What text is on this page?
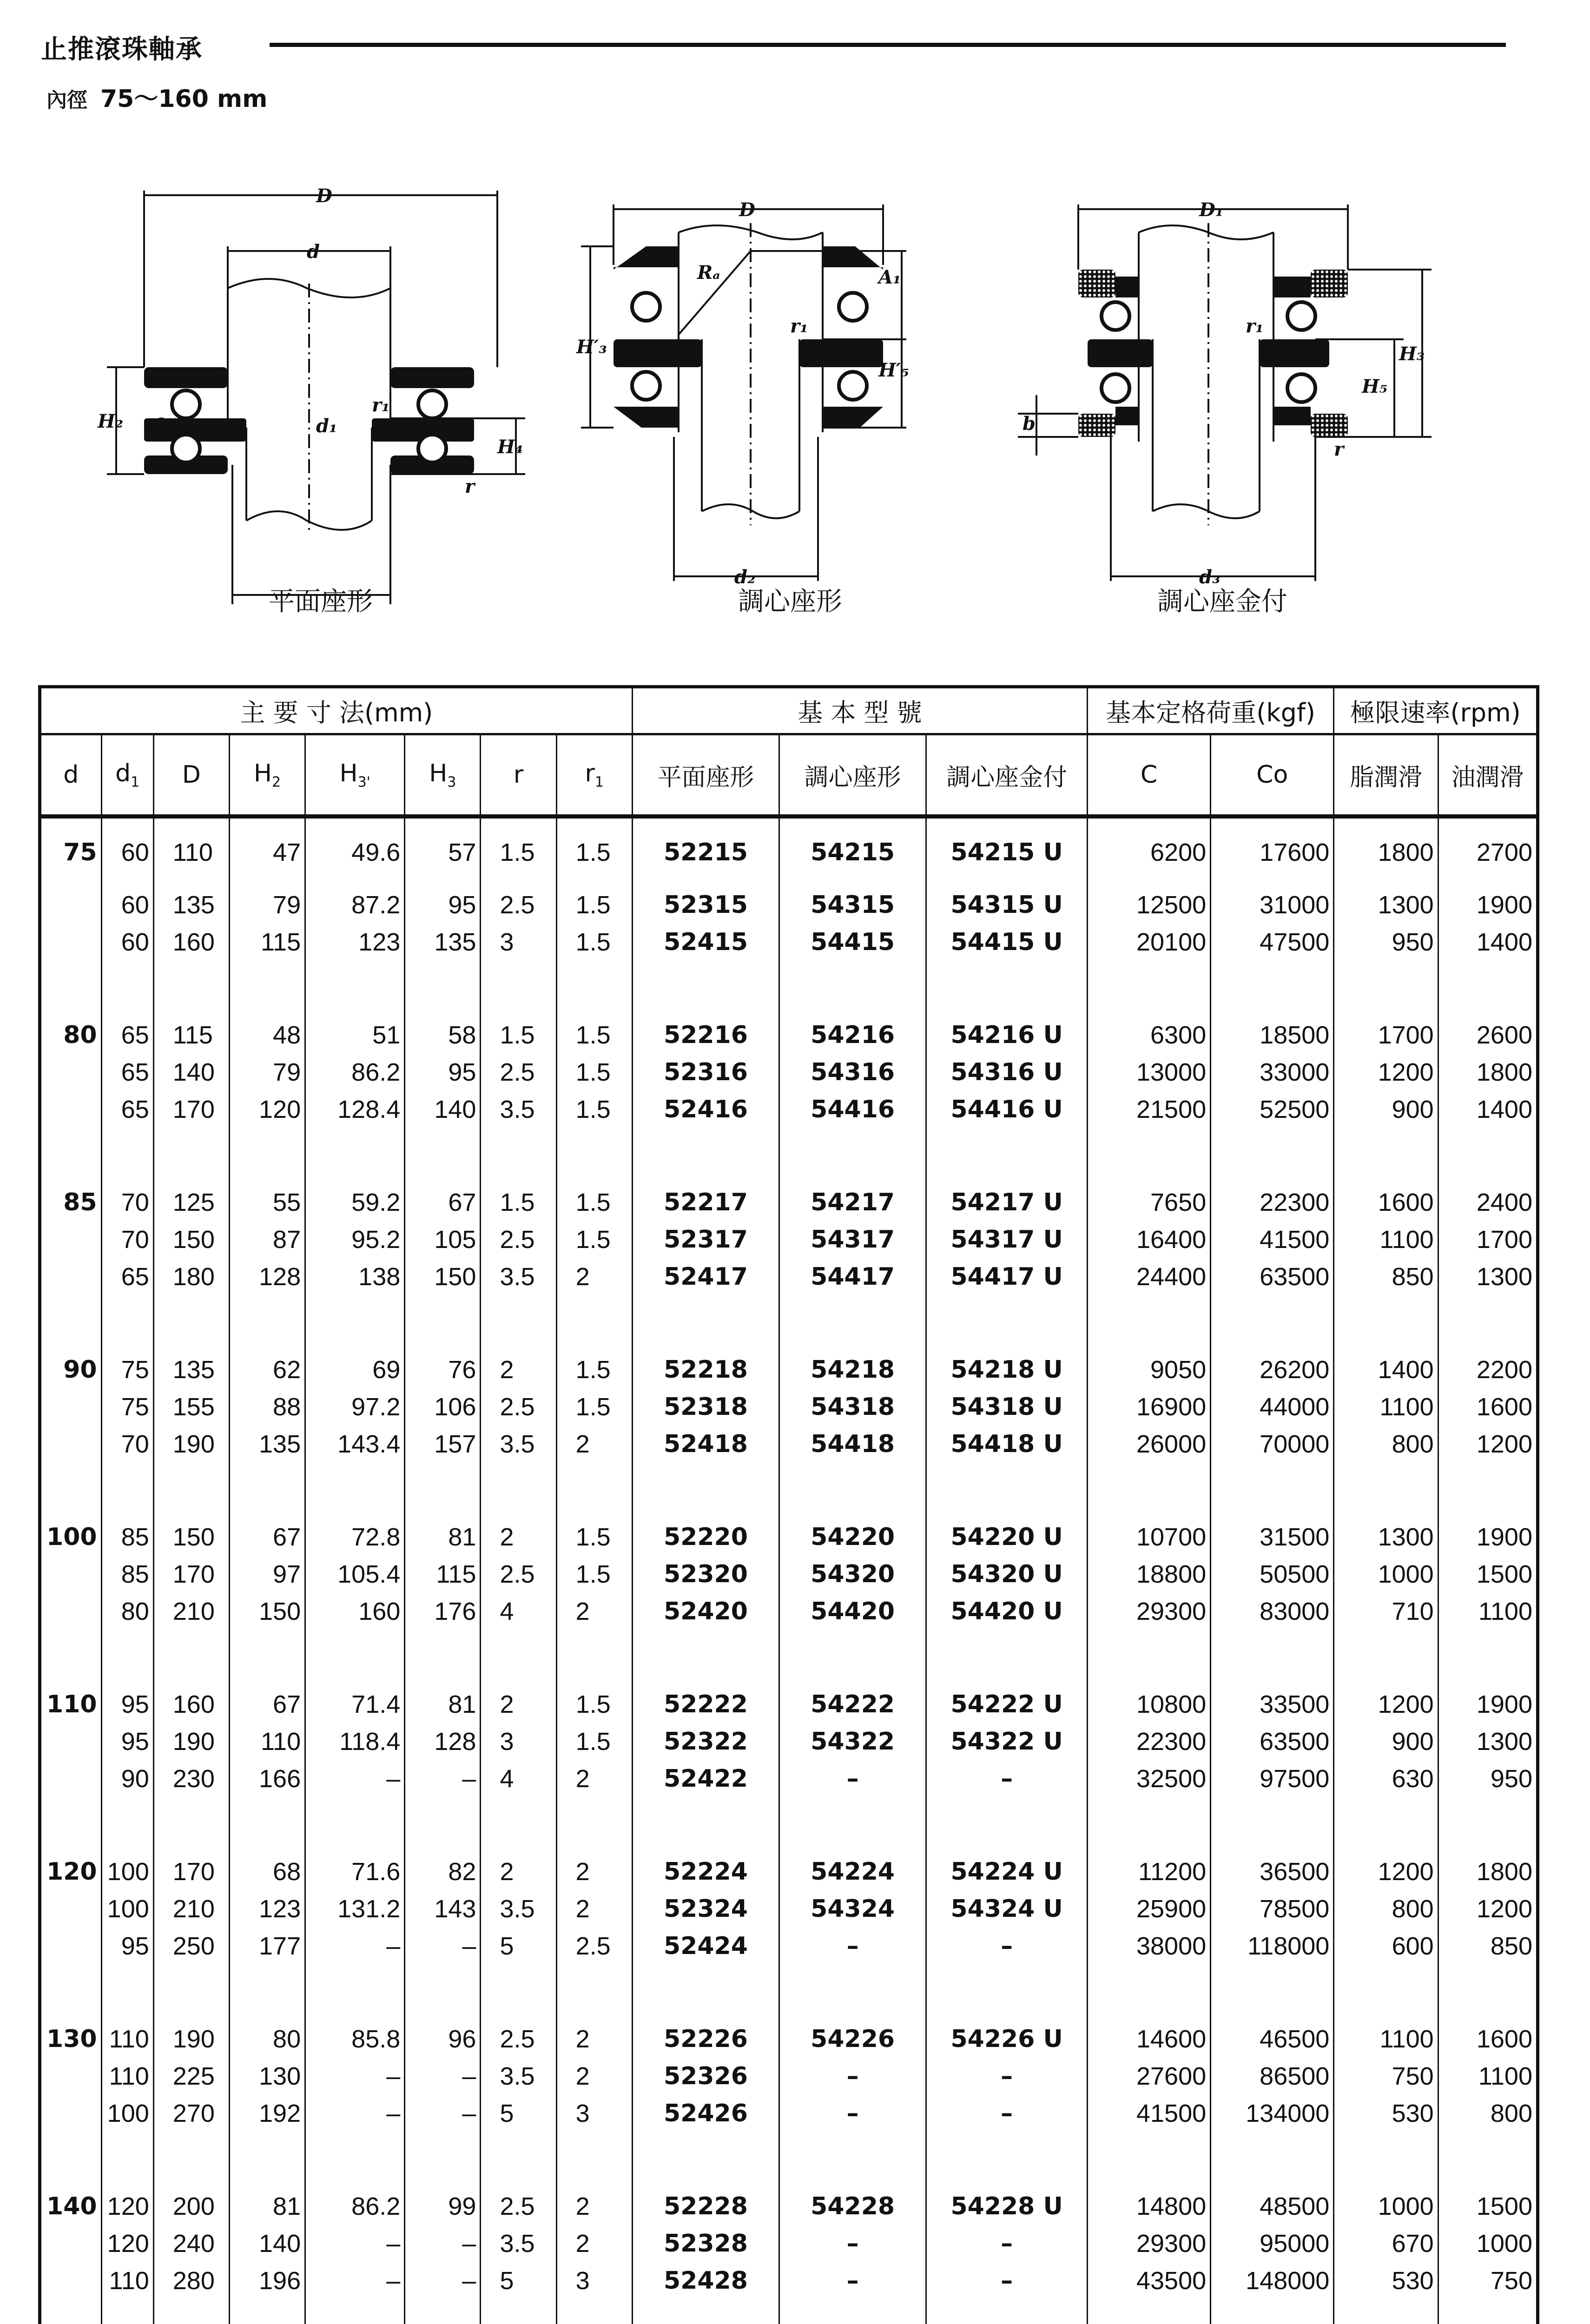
止推滾珠軸承
內徑 75～160 mm
D
d
H₂ a	d₁
r₁
H₄
r
平面座形
D
Rₐ	A₁
r₁
H′₃
H′₅
d₂
調心座形
D₁
r₁
H₃
H₅
b
r
d₃
調心座金付
主 要 寸 法(mm)								基 本 型 號			基本定格荷重(kgf)		極限速率(rpm)	
d	$d_1$	D	$H_2$	$H_{3'}$	$H_3$	r	$r_1$	平面座形	調心座形	調心座金付	C	Co	脂潤滑	油潤滑
75	60	110	47	49.6	57	1.5	1.5	52215	54215	54215 U	6200	17600	1800	2700
	60	135	79	87.2	95	2.5	1.5	52315	54315	54315 U	12500	31000	1300	1900
	60	160	115	123	135	3	1.5	52415	54415	54415 U	20100	47500	950	1400

80	65	115	48	51	58	1.5	1.5	52216	54216	54216 U	6300	18500	1700	2600
	65	140	79	86.2	95	2.5	1.5	52316	54316	54316 U	13000	33000	1200	1800
	65	170	120	128.4	140	3.5	1.5	52416	54416	54416 U	21500	52500	900	1400

85	70	125	55	59.2	67	1.5	1.5	52217	54217	54217 U	7650	22300	1600	2400
	70	150	87	95.2	105	2.5	1.5	52317	54317	54317 U	16400	41500	1100	1700
	65	180	128	138	150	3.5	2	52417	54417	54417 U	24400	63500	850	1300

90	75	135	62	69	76	2	1.5	52218	54218	54218 U	9050	26200	1400	2200
	75	155	88	97.2	106	2.5	1.5	52318	54318	54318 U	16900	44000	1100	1600
	70	190	135	143.4	157	3.5	2	52418	54418	54418 U	26000	70000	800	1200

100	85	150	67	72.8	81	2	1.5	52220	54220	54220 U	10700	31500	1300	1900
	85	170	97	105.4	115	2.5	1.5	52320	54320	54320 U	18800	50500	1000	1500
	80	210	150	160	176	4	2	52420	54420	54420 U	29300	83000	710	1100

110	95	160	67	71.4	81	2	1.5	52222	54222	54222 U	10800	33500	1200	1900
	95	190	110	118.4	128	3	1.5	52322	54322	54322 U	22300	63500	900	1300
	90	230	166	–	–	4	2	52422	–	–	32500	97500	630	950

120	100	170	68	71.6	82	2	2	52224	54224	54224 U	11200	36500	1200	1800
	100	210	123	131.2	143	3.5	2	52324	54324	54324 U	25900	78500	800	1200
	95	250	177	–	–	5	2.5	52424	–	–	38000	118000	600	850

130	110	190	80	85.8	96	2.5	2	52226	54226	54226 U	14600	46500	1100	1600
	110	225	130	–	–	3.5	2	52326	–	–	27600	86500	750	1100
	100	270	192	–	–	5	3	52426	–	–	41500	134000	530	800

140	120	200	81	86.2	99	2.5	2	52228	54228	54228 U	14800	48500	1000	1500
	120	240	140	–	–	3.5	2	52328	–	–	29300	95000	670	1000
	110	280	196	–	–	5	3	52428	–	–	43500	148000	530	750
